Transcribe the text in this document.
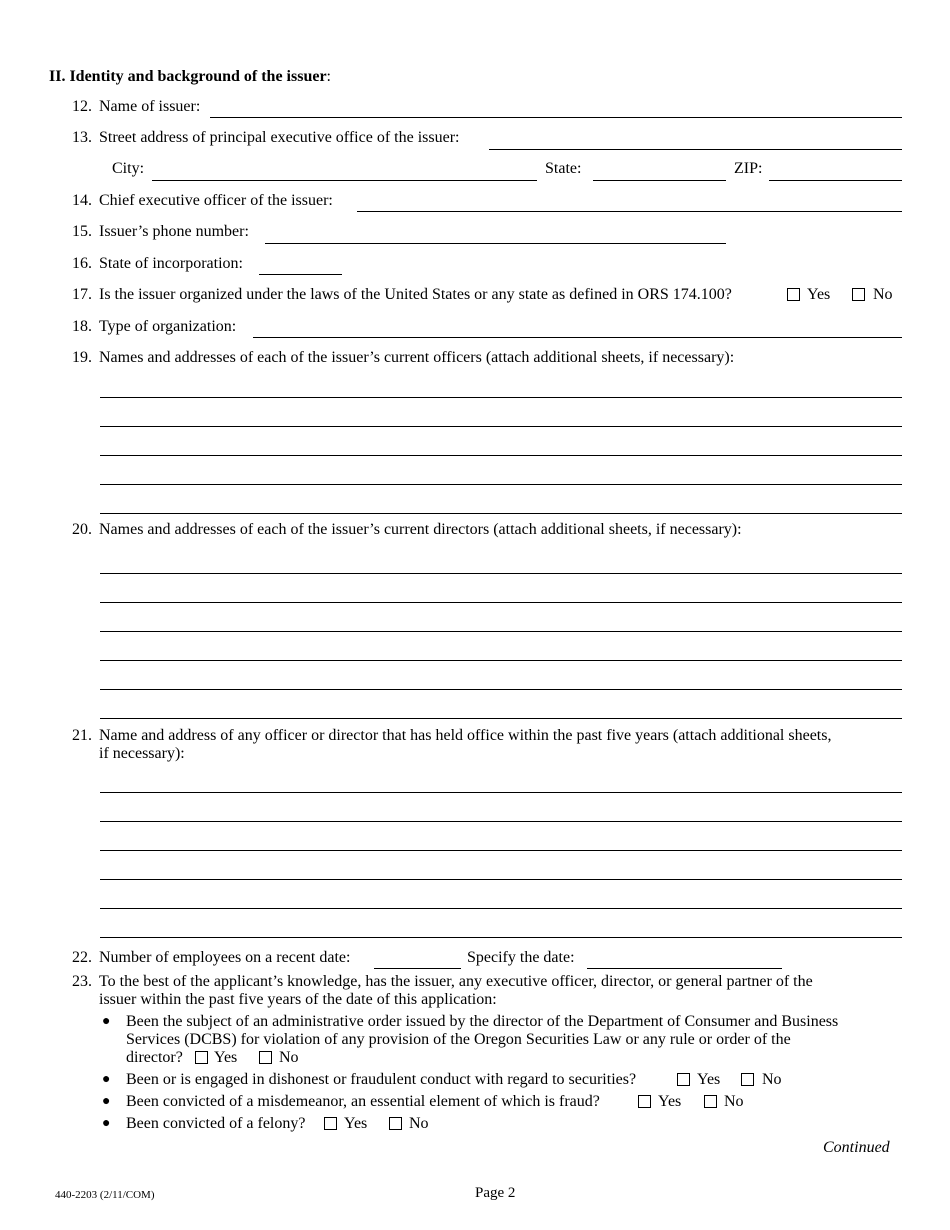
II. Identity and background of the issuer:
12. Name of issuer:
13. Street address of principal executive office of the issuer:
City:	State:	ZIP:
14. Chief executive officer of the issuer:
15. Issuer’s phone number:
16. State of incorporation:
17. Is the issuer organized under the laws of the United States or any state as defined in ORS 174.100?	Yes	No
18. Type of organization:
19. Names and addresses of each of the issuer’s current officers (attach additional sheets, if necessary):
20. Names and addresses of each of the issuer’s current directors (attach additional sheets, if necessary):
21. Name and address of any officer or director that has held office within the past five years (attach additional sheets,
if necessary):
22. Number of employees on a recent date:	Specify the date:
23. To the best of the applicant’s knowledge, has the issuer, any executive officer, director, or general partner of the
issuer within the past five years of the date of this application:
● Been the subject of an administrative order issued by the director of the Department of Consumer and Business
Services (DCBS) for violation of any provision of the Oregon Securities Law or any rule or order of the
director? Yes	No
● Been or is engaged in dishonest or fraudulent conduct with regard to securities?	Yes	No
● Been convicted of a misdemeanor, an essential element of which is fraud?	Yes	No
● Been convicted of a felony? Yes	No
Continued
440-2203 (2/11/COM)	Page 2
